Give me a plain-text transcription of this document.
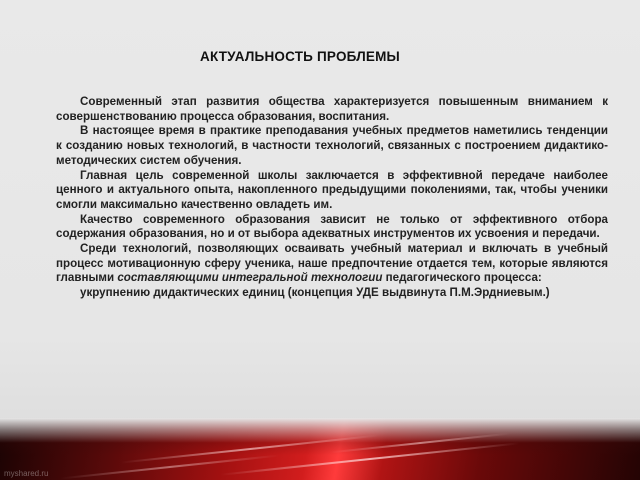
АКТУАЛЬНОСТЬ ПРОБЛЕМЫ

Современный этап развития общества характеризуется повышенным вниманием к совершенствованию процесса образования, воспитания.

В настоящее время в практике преподавания учебных предметов наметились тенденции к созданию новых технологий, в частности технологий, связанных с построением дидактико-методических систем обучения.

Главная цель современной школы заключается в эффективной передаче наиболее ценного и актуального опыта, накопленного предыдущими поколениями, так, чтобы ученики смогли максимально качественно овладеть им.

Качество современного образования зависит не только от эффективного отбора содержания образования, но и от выбора адекватных инструментов их усвоения и передачи.

Среди технологий, позволяющих осваивать учебный материал и включать в учебный процесс мотивационную сферу ученика, наше предпочтение отдается тем, которые являются главными составляющими интегральной технологии педагогического процесса:

укрупнению дидактических единиц (концепция УДЕ выдвинута П.М.Эрдниевым.)

myshared.ru
